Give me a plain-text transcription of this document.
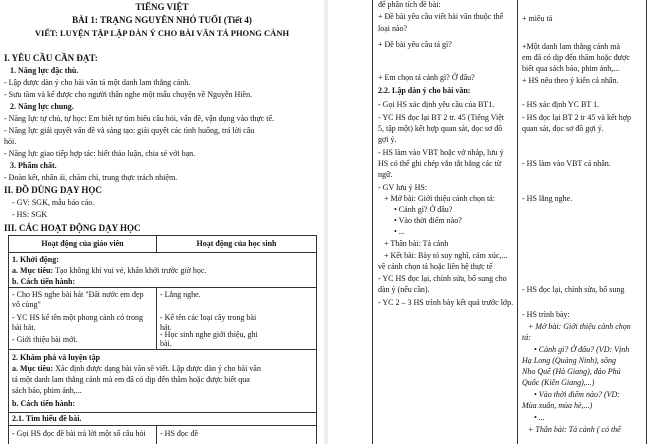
TIẾNG VIỆT
BÀI 1: TRẠNG NGUYÊN NHỎ TUỔI (Tiết 4)
VIẾT: LUYỆN TẬP LẬP DÀN Ý CHO BÀI VĂN TẢ PHONG CẢNH
I. YÊU CẦU CẦN ĐẠT:
1. Năng lực đặc thù.
- Lập được dàn ý cho bài văn tả một danh lam thắng cảnh.
- Sưu tầm và kể được cho người thân nghe một mẩu chuyện về Nguyễn Hiền.
2. Năng lực chung.
- Năng lực tự chủ, tự học: Em biết tự tìm hiểu câu hỏi, vấn đề, vận dụng vào thực tế.
- Năng lực giải quyết vấn đề và sáng tạo: giải quyết các tình huống, trả lời câu
hỏi.
- Năng lực giao tiếp hợp tác: biết thảo luận, chia sẻ với bạn.
3. Phẩm chất.
- Đoàn kết, nhân ái, chăm chỉ, trung thực trách nhiệm.
II. ĐỒ DÙNG DẠY HỌC
- GV: SGK, mẫu báo cáo.
- HS: SGK
III. CÁC HOẠT ĐỘNG DẠY HỌC
Hoạt động của giáo viên	Hoạt động của học sinh
1. Khởi động:
a. Mục tiêu: Tạo không khí vui vẻ, khấn khởi trước giờ học.
b. Cách tiến hành:
- Cho HS nghe bài hát "Đất nước em đẹp
vô cùng"
- YC HS kể tên một phong cảnh có trong
bài hát.
- Giới thiệu bài mới.
- Lắng nghe.
- Kể tên các loại cây trong bài
hát.
- Học sinh nghe giới thiệu, ghi
bài.
2. Khám phá và luyện tập
a. Mục tiêu: Xác định được dạng bài văn sẽ viết. Lập được dàn ý cho bài văn
tả một danh lam thắng cảnh mà em đã có dịp đến thăm hoặc được biết qua
sách báo, phim ảnh,...
b. Cách tiến hành:
2.1. Tìm hiểu đề bài.
- Gọi HS đọc đề bài trả lời một số câu hỏi - HS đọc đề
để phân tích đề bài:
+ Đề bài yêu cầu viết bài văn thuộc thể
loại nào?
+ Đề bài yêu cầu tả gì?
+ Em chọn tả cảnh gì? Ở đâu?
2.2. Lập dàn ý cho bài văn:
- Gọi HS xác định yêu cầu của BT1.
- YC HS đọc lại BT 2 tr. 45 (Tiếng Việt
5, tập một) kết hợp quan sát, đọc sơ đồ
gợi ý.
- HS làm vào VBT hoặc vở nháp, lưu ý
HS có thể ghi chép vắn tắt bằng các từ
ngữ.
- GV lưu ý HS:
+ Mở bài: Giới thiệu cảnh chọn tả:
• Cảnh gì? Ở đâu?
• Vào thời điểm nào?
• ...
+ Thân bài: Tả cảnh
+ Kết bài: Bày tỏ suy nghĩ, cảm xúc,...
về cảnh chọn tả hoặc liên hệ thực tế
- YC HS đọc lại, chỉnh sửa, bổ sung cho
dàn ý (nếu cần).
- YC 2 – 3 HS trình bày kết quả trước lớp.
+ miêu tả
+Một danh lam thắng cảnh mà
em đã có dịp đến thăm hoặc được
biết qua sách báo, phim ảnh,...
+ HS nêu theo ý kiến cá nhân.
- HS xác định YC BT 1.
- HS đọc lại BT 2 tr 45 và kết hợp
quan sát, đọc sơ đồ gợi ý.
- HS làm vào VBT cá nhân.
- HS lắng nghe.
- HS đọc lại, chỉnh sửa, bổ sung
- HS trình bày:
+ Mở bài: Giới thiệu cảnh chọn
tả:
• Cảnh gì? Ở đâu? (VD: Vịnh
Hạ Long (Quảng Ninh), sông
Nho Quế (Hà Giang), đảo Phú
Quốc (Kiên Giang),...)
• Vào thời điểm nào? (VD:
Mùa xuân, mùa hè,...)
• ...
+ Thân bài: Tả cảnh ( có thể
